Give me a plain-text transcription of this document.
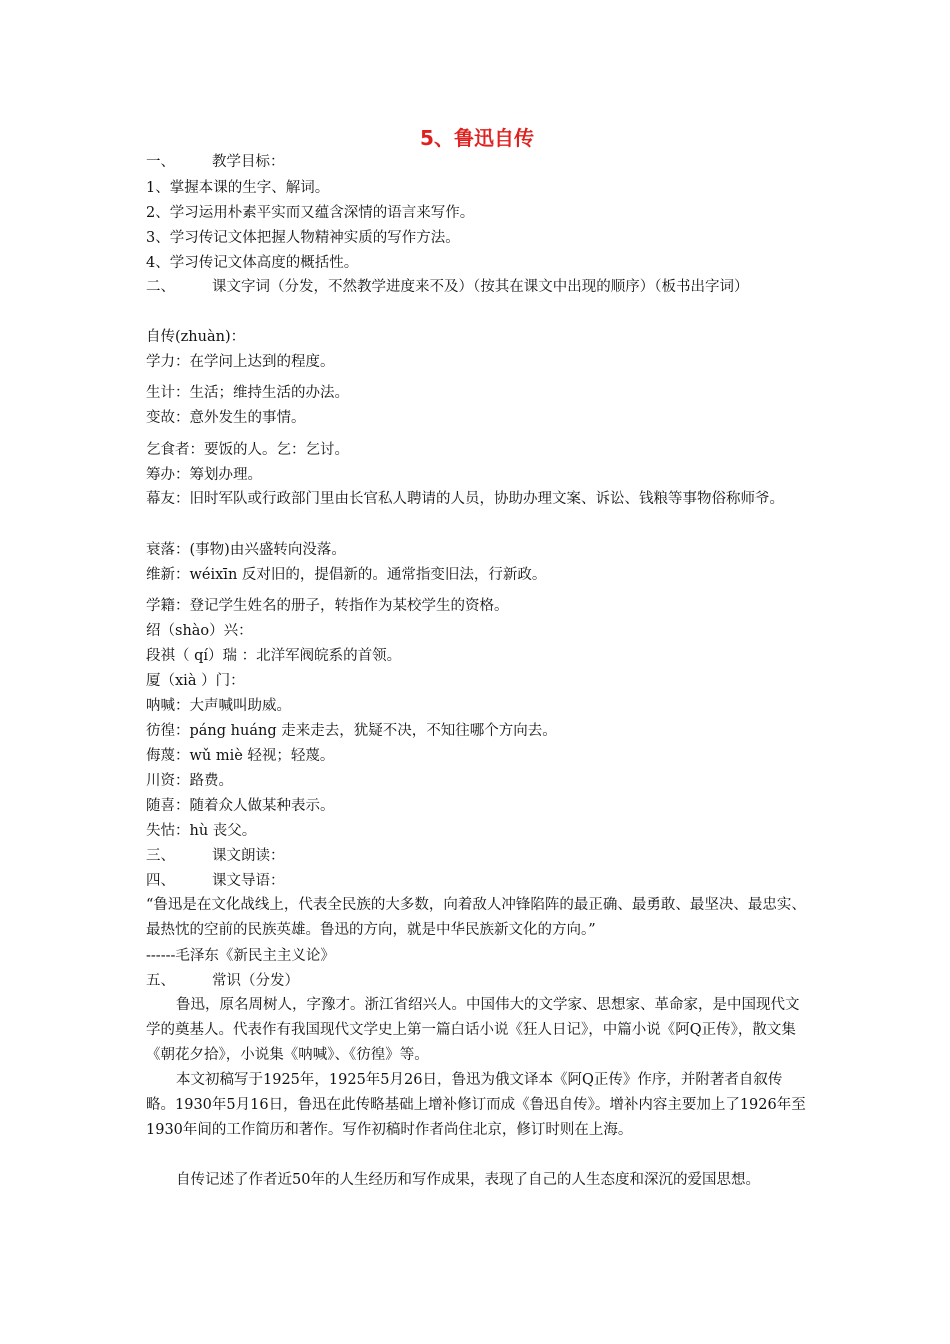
5、鲁迅自传
一、	教学目标：
1、掌握本课的生字、解词。
2、学习运用朴素平实而又蕴含深情的语言来写作。
3、学习传记文体把握人物精神实质的写作方法。
4、学习传记文体高度的概括性。
二、	课文字词（分发，不然教学进度来不及）（按其在课文中出现的顺序）（板书出字词）
自传(zhuàn)：
学力：在学问上达到的程度。
生计：生活；维持生活的办法。
变故：意外发生的事情。
乞食者：要饭的人。乞：乞讨。
筹办：筹划办理。
幕友：旧时军队或行政部门里由长官私人聘请的人员，协助办理文案、诉讼、钱粮等事物俗称师爷。
衰落：(事物)由兴盛转向没落。
维新：wéixīn 反对旧的，提倡新的。通常指变旧法，行新政。
学籍：登记学生姓名的册子，转指作为某校学生的资格。
绍（shào）兴：
段祺（ qí）瑞 ：北洋军阀皖系的首领。
厦（xià ）门：
呐喊：大声喊叫助威。
彷徨：páng huáng 走来走去，犹疑不决，不知往哪个方向去。
侮蔑：wǔ miè 轻视；轻蔑。
川资：路费。
随喜：随着众人做某种表示。
失怙：hù 丧父。
三、	课文朗读：
四、	课文导语：
“鲁迅是在文化战线上，代表全民族的大多数，向着敌人冲锋陷阵的最正确、最勇敢、最坚决、最忠实、最热忱的空前的民族英雄。鲁迅的方向，就是中华民族新文化的方向。”
------毛泽东《新民主主义论》
五、	常识（分发）
鲁迅，原名周树人，字豫才。浙江省绍兴人。中国伟大的文学家、思想家、革命家，是中国现代文学的奠基人。代表作有我国现代文学史上第一篇白话小说《狂人日记》，中篇小说《阿Q正传》，散文集《朝花夕拾》，小说集《呐喊》、《彷徨》等。
本文初稿写于1925年，1925年5月26日，鲁迅为俄文译本《阿Q正传》作序，并附著者自叙传略。1930年5月16日，鲁迅在此传略基础上增补修订而成《鲁迅自传》。增补内容主要加上了1926年至1930年间的工作简历和著作。写作初稿时作者尚住北京，修订时则在上海。
自传记述了作者近50年的人生经历和写作成果，表现了自己的人生态度和深沉的爱国思想。
